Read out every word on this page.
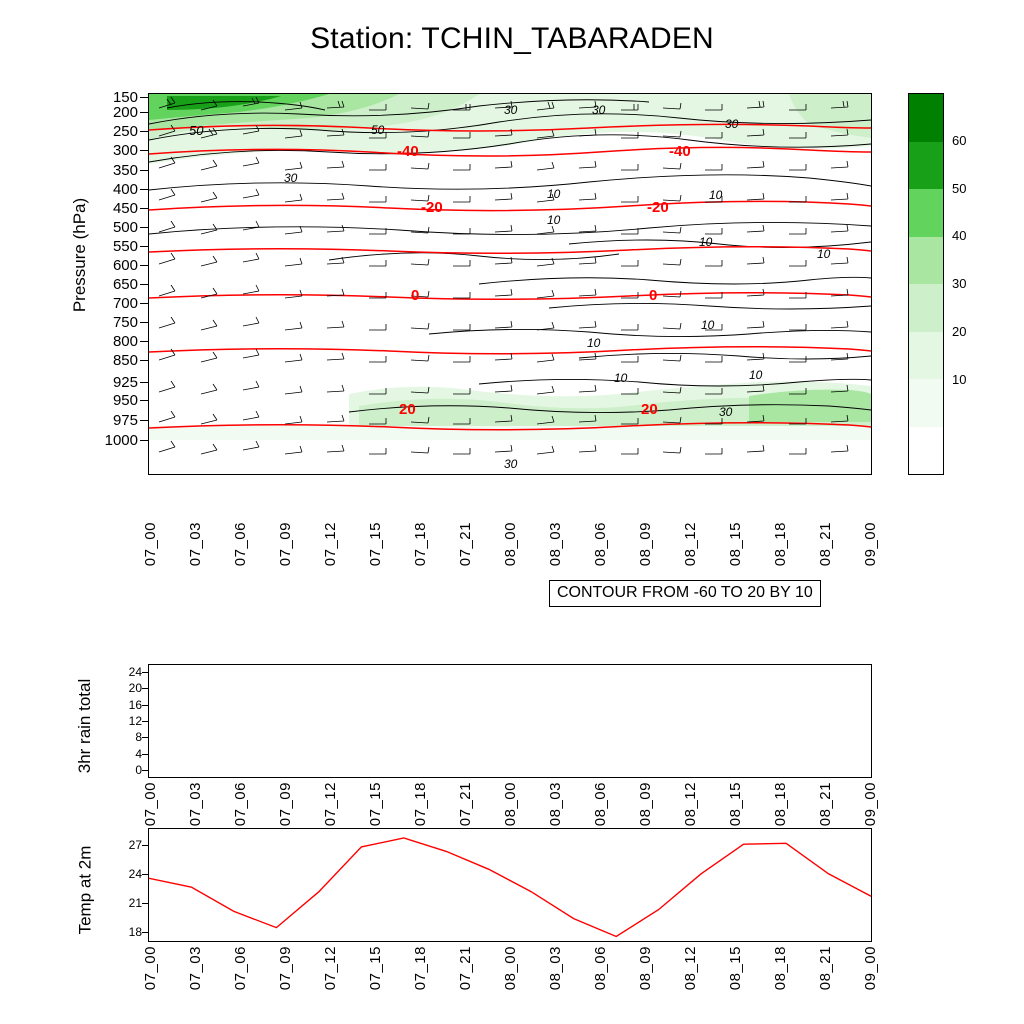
Station: TCHIN_TABARADEN
Pressure (hPa)
50
30
50
30	30
30
10
10
10
10
10
10
10
10	10
30
30
-40	-40
-20	-20
0	0
20	20
150
200
250
300
350
400
450
500
550
600
650
700
750
800
850
925
950
975
1000
07_00 07_03 07_06 07_09 07_12 07_15 07_18 07_21 08_00 08_03 08_06 08_09 08_12 08_15 08_18 08_21 09_00
CONTOUR FROM -60 TO 20 BY 10
60
50
40
30
20
10
3hr rain total
24
20
16
12
8
4
0
07_00 07_03 07_06 07_09 07_12 07_15 07_18 07_21 08_00 08_03 08_06 08_09 08_12 08_15 08_18 08_21 09_00
Temp at 2m
27
24
21
18
07_00 07_03 07_06 07_09 07_12 07_15 07_18 07_21 08_00 08_03 08_06 08_09 08_12 08_15 08_18 08_21 09_00
